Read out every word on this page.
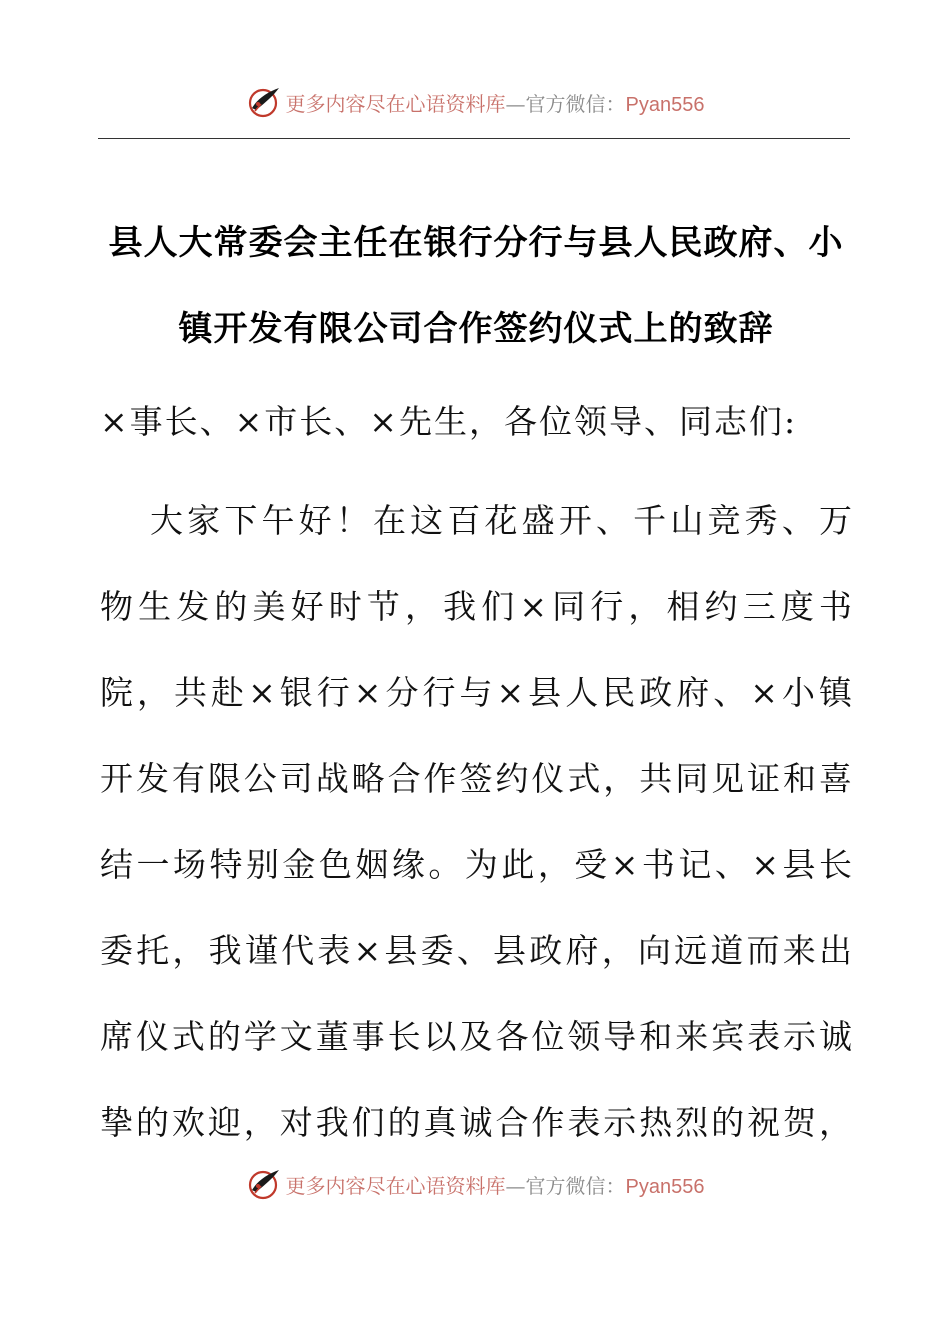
更多内容尽在心语资料库—官方微信：Pyan556
县人大常委会主任在银行分行与县人民政府、小
镇开发有限公司合作签约仪式上的致辞

×事长、×市长、×先生，各位领导、同志们:

大家下午好！在这百花盛开、千山竞秀、万
物生发的美好时节，我们×同行，相约三度书
院，共赴×银行×分行与×县人民政府、×小镇
开发有限公司战略合作签约仪式，共同见证和喜
结一场特别金色姻缘。为此，受×书记、×县长
委托，我谨代表×县委、县政府，向远道而来出
席仪式的学文董事长以及各位领导和来宾表示诚
挚的欢迎，对我们的真诚合作表示热烈的祝贺，
更多内容尽在心语资料库—官方微信：Pyan556
